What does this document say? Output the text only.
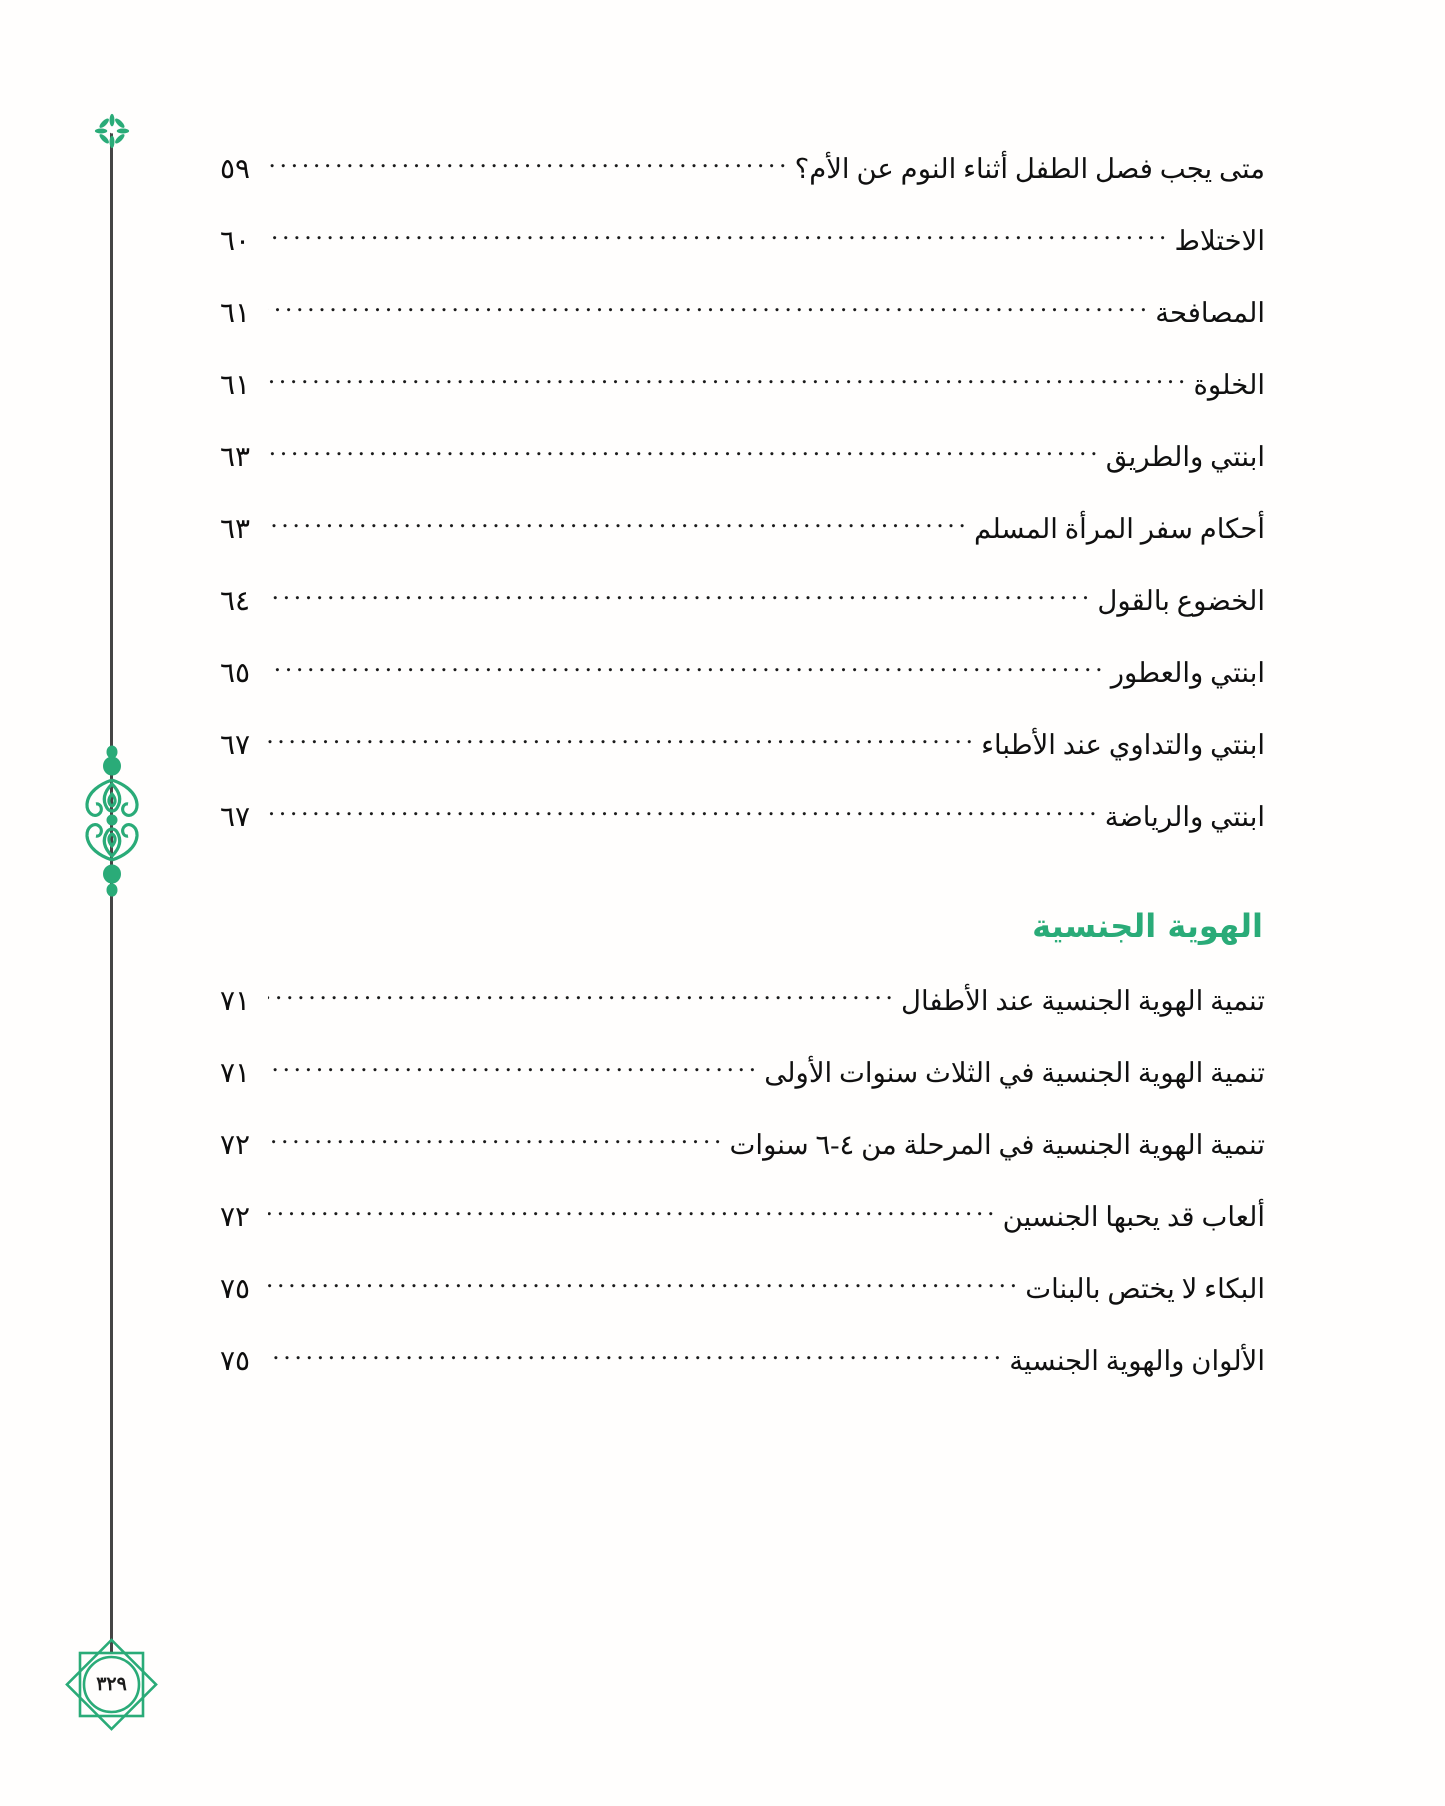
٣٢٩
متى يجب فصل الطفل أثناء النوم عن الأم؟
.....
٥٩
الاختلاط
.....
٦٠
المصافحة
.....
٦١
الخلوة
.....
٦١
ابنتي والطريق
.....
٦٣
أحكام سفر المرأة المسلم
.....
٦٣
الخضوع بالقول
.....
٦٤
ابنتي والعطور
.....
٦٥
ابنتي والتداوي عند الأطباء
.....
٦٧
ابنتي والرياضة
.....
٦٧
الهوية الجنسية
تنمية الهوية الجنسية عند الأطفال
.....
٧١
تنمية الهوية الجنسية في الثلاث سنوات الأولى
.....
٧١
تنمية الهوية الجنسية في المرحلة من ٤-٦ سنوات
.....
٧٢
ألعاب قد يحبها الجنسين
.....
٧٢
البكاء لا يختص بالبنات
.....
٧٥
الألوان والهوية الجنسية
.....
٧٥
